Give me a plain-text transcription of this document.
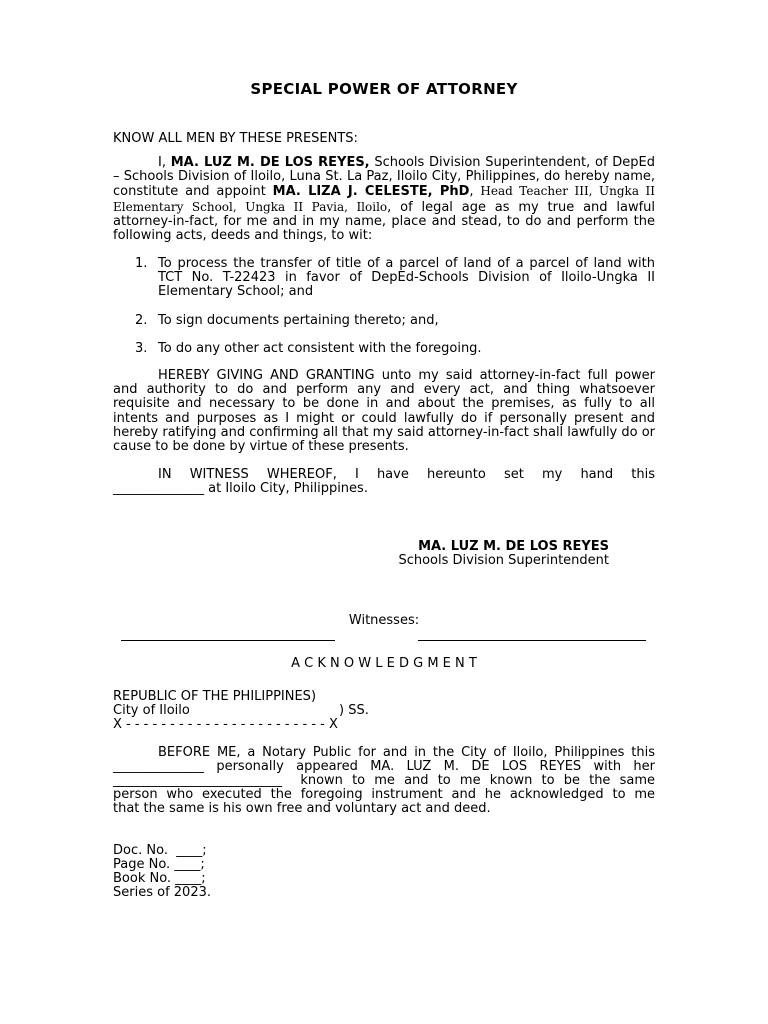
SPECIAL POWER OF ATTORNEY
KNOW ALL MEN BY THESE PRESENTS:
I, MA. LUZ M. DE LOS REYES, Schools Division Superintendent, of DepEd – Schools Division of Iloilo, Luna St. La Paz, Iloilo City, Philippines, do hereby name, constitute and appoint MA. LIZA J. CELESTE, PhD, Head Teacher III, Ungka II Elementary School, Ungka II Pavia, Iloilo, of legal age as my true and lawful attorney-in-fact, for me and in my name, place and stead, to do and perform the following acts, deeds and things, to wit:
1. To process the transfer of title of a parcel of land of a parcel of land with TCT No. T-22423 in favor of DepEd-Schools Division of Iloilo-Ungka II Elementary School; and
2. To sign documents pertaining thereto; and,
3. To do any other act consistent with the foregoing.
HEREBY GIVING AND GRANTING unto my said attorney-in-fact full power and authority to do and perform any and every act, and thing whatsoever requisite and necessary to be done in and about the premises, as fully to all intents and purposes as I might or could lawfully do if personally present and hereby ratifying and confirming all that my said attorney-in-fact shall lawfully do or cause to be done by virtue of these presents.
IN WITNESS WHEREOF, I have hereunto set my hand this
______________ at Iloilo City, Philippines.
MA. LUZ M. DE LOS REYES
Schools Division Superintendent
Witnesses:
A C K N O W L E D G M E N T
REPUBLIC OF THE PHILIPPINES)
City of Iloilo	) SS.
X - - - - - - - - - - - - - - - - - - - - - - - X
BEFORE ME, a Notary Public for and in the City of Iloilo, Philippines this
______________  personally  appeared  MA.  LUZ  M.  DE  LOS  REYES  with  her
__________________________  known to me and to me known to be the same
person who executed the foregoing instrument and he acknowledged to me
that the same is his own free and voluntary act and deed.
Doc. No.  ____;
Page No. ____;
Book No. ____;
Series of 2023.
